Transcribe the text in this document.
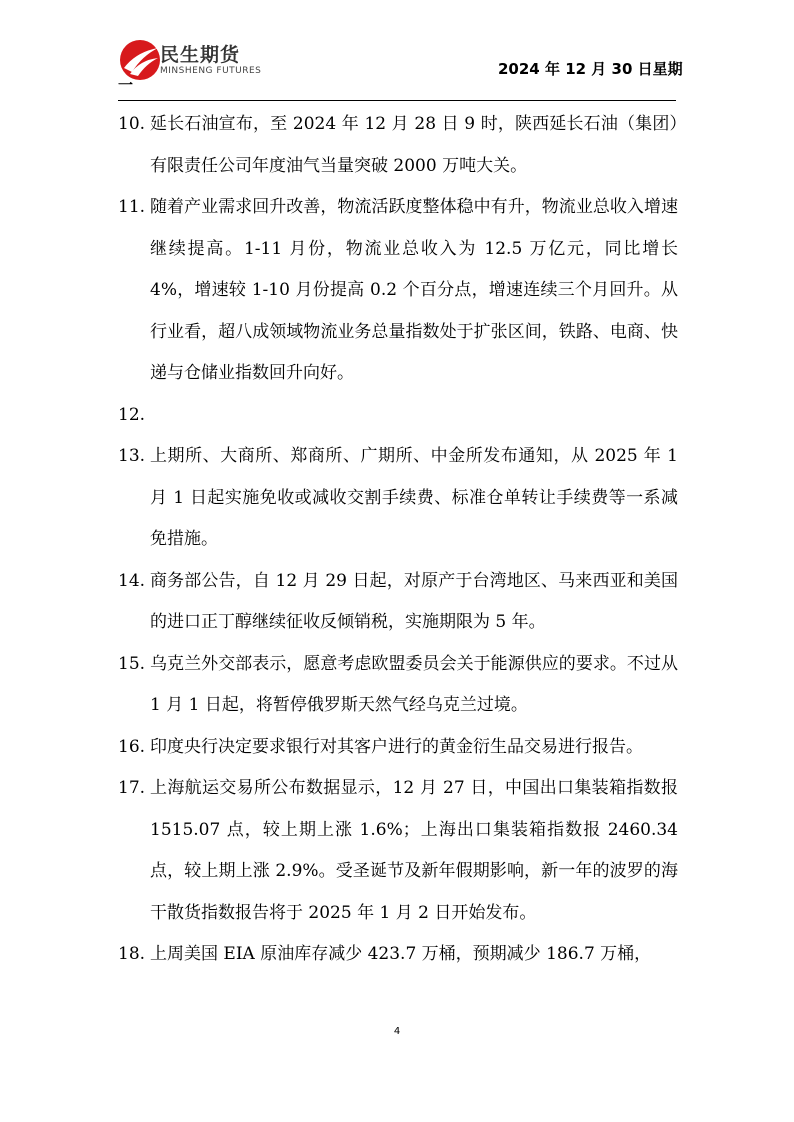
民生期货
MINSHENG FUTURES	2024 年 12 月 30 日星期
一
10. 延长石油宣布，至 2024 年 12 月 28 日 9 时，陕西延长石油（集团）有限责任公司年度油气当量突破 2000 万吨大关。
11. 随着产业需求回升改善，物流活跃度整体稳中有升，物流业总收入增速继续提高。1-11 月份，物流业总收入为 12.5 万亿元，同比增长 4%，增速较 1-10 月份提高 0.2 个百分点，增速连续三个月回升。从行业看，超八成领域物流业务总量指数处于扩张区间，铁路、电商、快递与仓储业指数回升向好。
12.
13. 上期所、大商所、郑商所、广期所、中金所发布通知，从 2025 年 1 月 1 日起实施免收或减收交割手续费、标准仓单转让手续费等一系减免措施。
14. 商务部公告，自 12 月 29 日起，对原产于台湾地区、马来西亚和美国的进口正丁醇继续征收反倾销税，实施期限为 5 年。
15. 乌克兰外交部表示，愿意考虑欧盟委员会关于能源供应的要求。不过从 1 月 1 日起，将暂停俄罗斯天然气经乌克兰过境。
16. 印度央行决定要求银行对其客户进行的黄金衍生品交易进行报告。
17. 上海航运交易所公布数据显示，12 月 27 日，中国出口集装箱指数报 1515.07 点，较上期上涨 1.6%；上海出口集装箱指数报 2460.34 点，较上期上涨 2.9%。受圣诞节及新年假期影响，新一年的波罗的海干散货指数报告将于 2025 年 1 月 2 日开始发布。
18. 上周美国 EIA 原油库存减少 423.7 万桶，预期减少 186.7 万桶，
4
